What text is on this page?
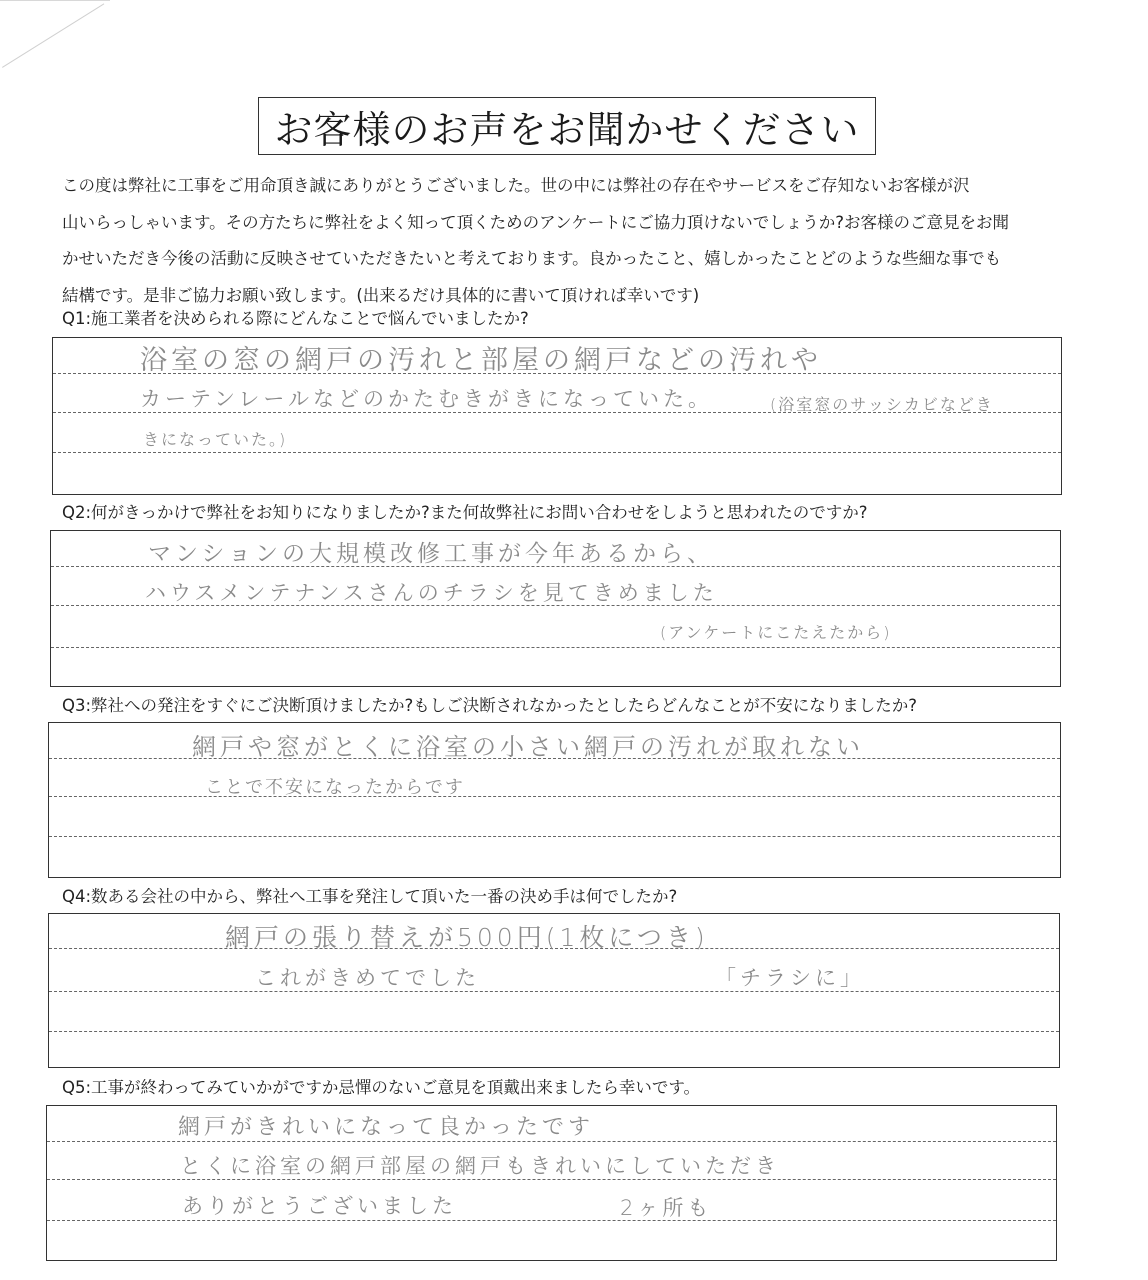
お客様のお声をお聞かせください

この度は弊社に工事をご用命頂き誠にありがとうございました。世の中には弊社の存在やサービスをご存知ないお客様が沢

山いらっしゃいます。その方たちに弊社をよく知って頂くためのアンケートにご協力頂けないでしょうか?お客様のご意見をお聞

かせいただき今後の活動に反映させていただきたいと考えております。良かったこと、嬉しかったことどのような些細な事でも

結構です。是非ご協力お願い致します。(出来るだけ具体的に書いて頂ければ幸いです)

Q1:施工業者を決められる際にどんなことで悩んでいましたか?
浴室の窓の網戸の汚れと部屋の網戸などの汚れや
カーテンレールなどのかたむきがきになっていた。	(浴室窓のサッシカビなどき
きになっていた。)
Q2:何がきっかけで弊社をお知りになりましたか?また何故弊社にお問い合わせをしようと思われたのですか?
マンションの大規模改修工事が今年あるから、
ハウスメンテナンスさんのチラシを見てきめました
(アンケートにこたえたから)
Q3:弊社への発注をすぐにご決断頂けましたか?もしご決断されなかったとしたらどんなことが不安になりましたか?
網戸や窓がとくに浴室の小さい網戸の汚れが取れない
ことで不安になったからです
Q4:数ある会社の中から、弊社へ工事を発注して頂いた一番の決め手は何でしたか?
網戸の張り替えが500円(1枚につき)
これがきめてでした	「チラシに」
Q5:工事が終わってみていかがですか忌憚のないご意見を頂戴出来ましたら幸いです。
網戸がきれいになって良かったです
とくに浴室の網戸部屋の網戸もきれいにしていただき
ありがとうございました	2ヶ所も
